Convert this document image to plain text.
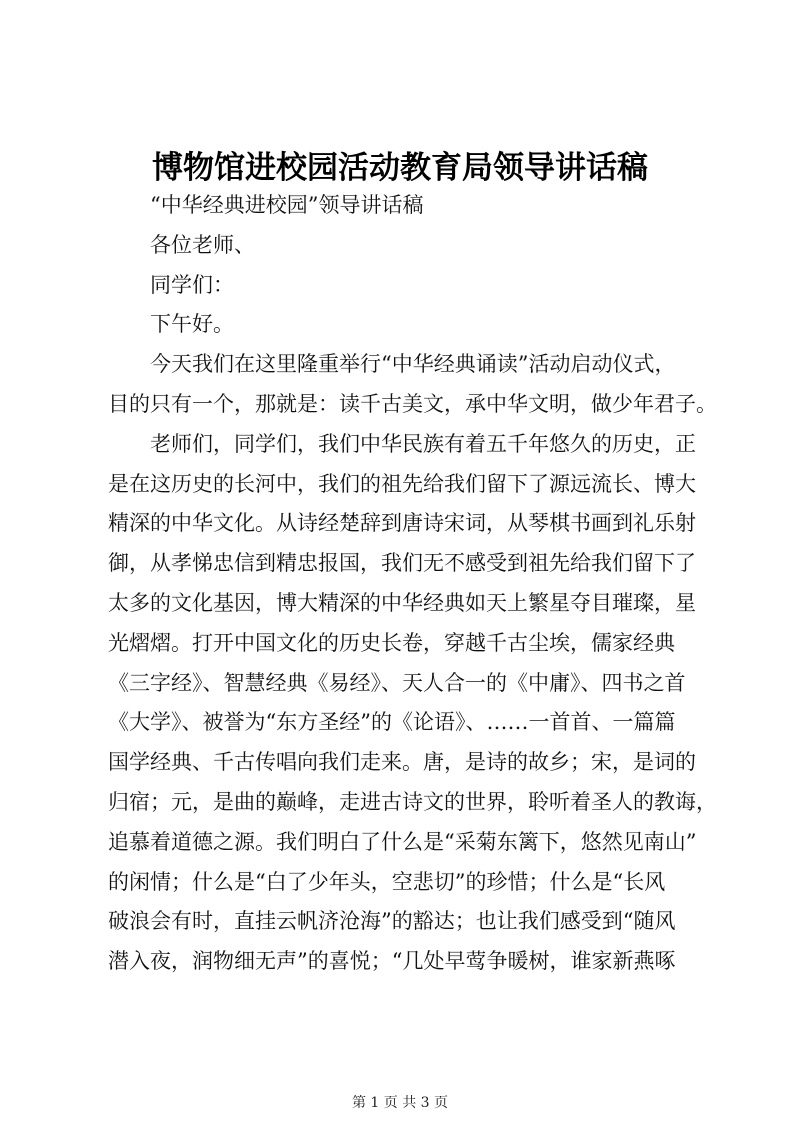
博物馆进校园活动教育局领导讲话稿
“中华经典进校园”领导讲话稿
各位老师、
同学们：
下午好。
今天我们在这里隆重举行“中华经典诵读”活动启动仪式，
目的只有一个，那就是：读千古美文，承中华文明，做少年君子。
老师们，同学们，我们中华民族有着五千年悠久的历史，正
是在这历史的长河中，我们的祖先给我们留下了源远流长、博大
精深的中华文化。从诗经楚辞到唐诗宋词，从琴棋书画到礼乐射
御，从孝悌忠信到精忠报国，我们无不感受到祖先给我们留下了
太多的文化基因，博大精深的中华经典如天上繁星夺目璀璨，星
光熠熠。打开中国文化的历史长卷，穿越千古尘埃，儒家经典
《三字经》、智慧经典《易经》、天人合一的《中庸》、四书之首
《大学》、被誉为“东方圣经”的《论语》、……一首首、一篇篇
国学经典、千古传唱向我们走来。唐，是诗的故乡；宋，是词的
归宿；元，是曲的巅峰，走进古诗文的世界，聆听着圣人的教诲，
追慕着道德之源。我们明白了什么是“采菊东篱下，悠然见南山”
的闲情；什么是“白了少年头，空悲切”的珍惜；什么是“长风
破浪会有时，直挂云帆济沧海”的豁达；也让我们感受到“随风
潜入夜，润物细无声”的喜悦；“几处早莺争暖树，谁家新燕啄
第 1 页 共 3 页
